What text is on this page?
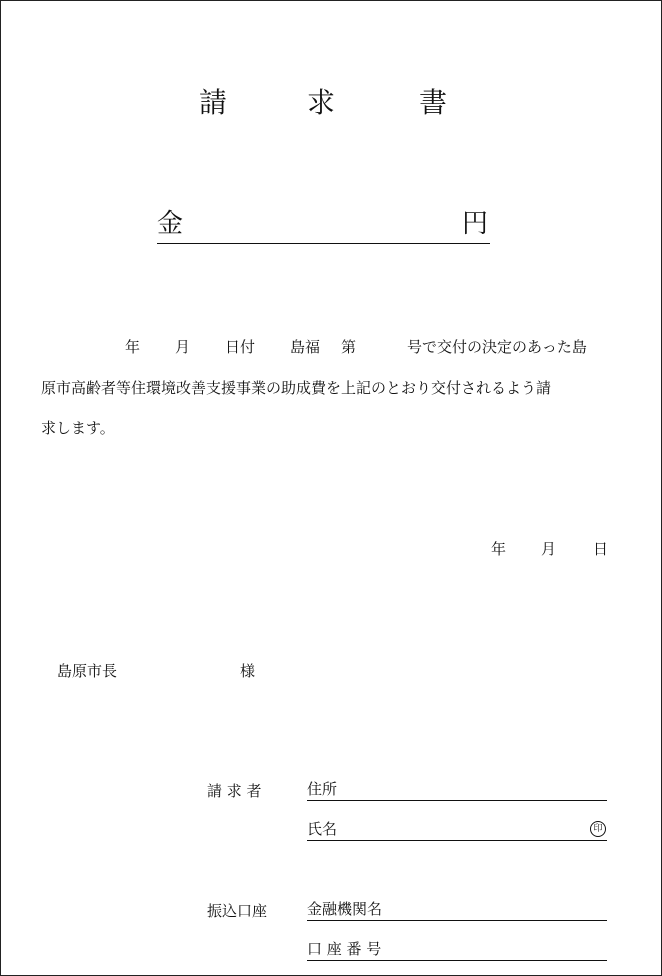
請	求	書
金	円
年 月 日付 島福 第	号で交付の決定のあった島
原市高齢者等住環境改善支援事業の助成費を上記のとおり交付されるよう請
求します。
年 月 日
島原市長	様
請 求 者	住所
氏名	印
振込口座	金融機関名
口 座 番 号
